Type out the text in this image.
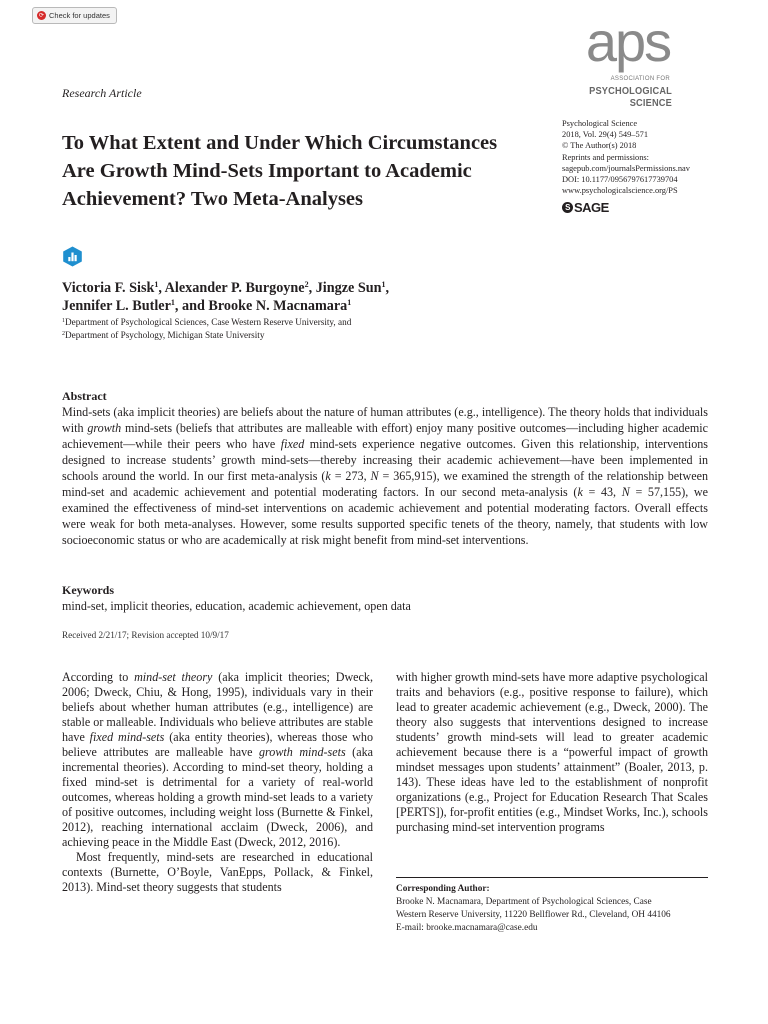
⟳ Check for updates	aps
ASSOCIATION FOR
PSYCHOLOGICAL SCIENCE
Research Article
To What Extent and Under Which Circumstances Are Growth Mind-Sets Important to Academic Achievement? Two Meta-Analyses
Psychological Science
2018, Vol. 29(4) 549–571
© The Author(s) 2018
Reprints and permissions:
sagepub.com/journalsPermissions.nav
DOI: 10.1177/0956797617739704
www.psychologicalscience.org/PS
S SAGE
Victoria F. Sisk$^1$, Alexander P. Burgoyne$^2$, Jingze Sun$^1$,
Jennifer L. Butler$^1$, and Brooke N. Macnamara$^1$
$^1$Department of Psychological Sciences, Case Western Reserve University, and
$^2$Department of Psychology, Michigan State University
Abstract

Mind-sets (aka implicit theories) are beliefs about the nature of human attributes (e.g., intelligence). The theory holds that individuals with growth mind-sets (beliefs that attributes are malleable with effort) enjoy many positive outcomes—including higher academic achievement—while their peers who have fixed mind-sets experience negative outcomes. Given this relationship, interventions designed to increase students’ growth mind-sets—thereby increasing their academic achievement—have been implemented in schools around the world. In our first meta-analysis (k = 273, N = 365,915), we examined the strength of the relationship between mind-set and academic achievement and potential moderating factors. In our second meta-analysis (k = 43, N = 57,155), we examined the effectiveness of mind-set interventions on academic achievement and potential moderating factors. Overall effects were weak for both meta-analyses. However, some results supported specific tenets of the theory, namely, that students with low socioeconomic status or who are academically at risk might benefit from mind-set interventions.

Keywords
mind-set, implicit theories, education, academic achievement, open data
Received 2/21/17; Revision accepted 10/9/17

According to mind-set theory (aka implicit theories; Dweck, 2006; Dweck, Chiu, & Hong, 1995), individuals vary in their beliefs about whether human attributes (e.g., intelligence) are stable or malleable. Individuals who believe attributes are stable have fixed mind-sets (aka entity theories), whereas those who believe attributes are malleable have growth mind-sets (aka incremental theories). According to mind-set theory, holding a fixed mind-set is detrimental for a variety of real-world outcomes, whereas holding a growth mind-set leads to a variety of positive outcomes, including weight loss (Burnette & Finkel, 2012), reaching international acclaim (Dweck, 2006), and achieving peace in the Middle East (Dweck, 2012, 2016).

Most frequently, mind-sets are researched in educational contexts (Burnette, O’Boyle, VanEpps, Pollack, & Finkel, 2013). Mind-set theory suggests that students

with higher growth mind-sets have more adaptive psychological traits and behaviors (e.g., positive response to failure), which lead to greater academic achievement (e.g., Dweck, 2000). The theory also suggests that interventions designed to increase students’ growth mind-sets will lead to greater academic achievement because there is a “powerful impact of growth mindset messages upon students’ attainment” (Boaler, 2013, p. 143). These ideas have led to the establishment of nonprofit organizations (e.g., Project for Education Research That Scales [PERTS]), for-profit entities (e.g., Mindset Works, Inc.), schools purchasing mind-set intervention programs

Corresponding Author:
Brooke N. Macnamara, Department of Psychological Sciences, Case
Western Reserve University, 11220 Bellflower Rd., Cleveland, OH 44106
E-mail: brooke.macnamara@case.edu
